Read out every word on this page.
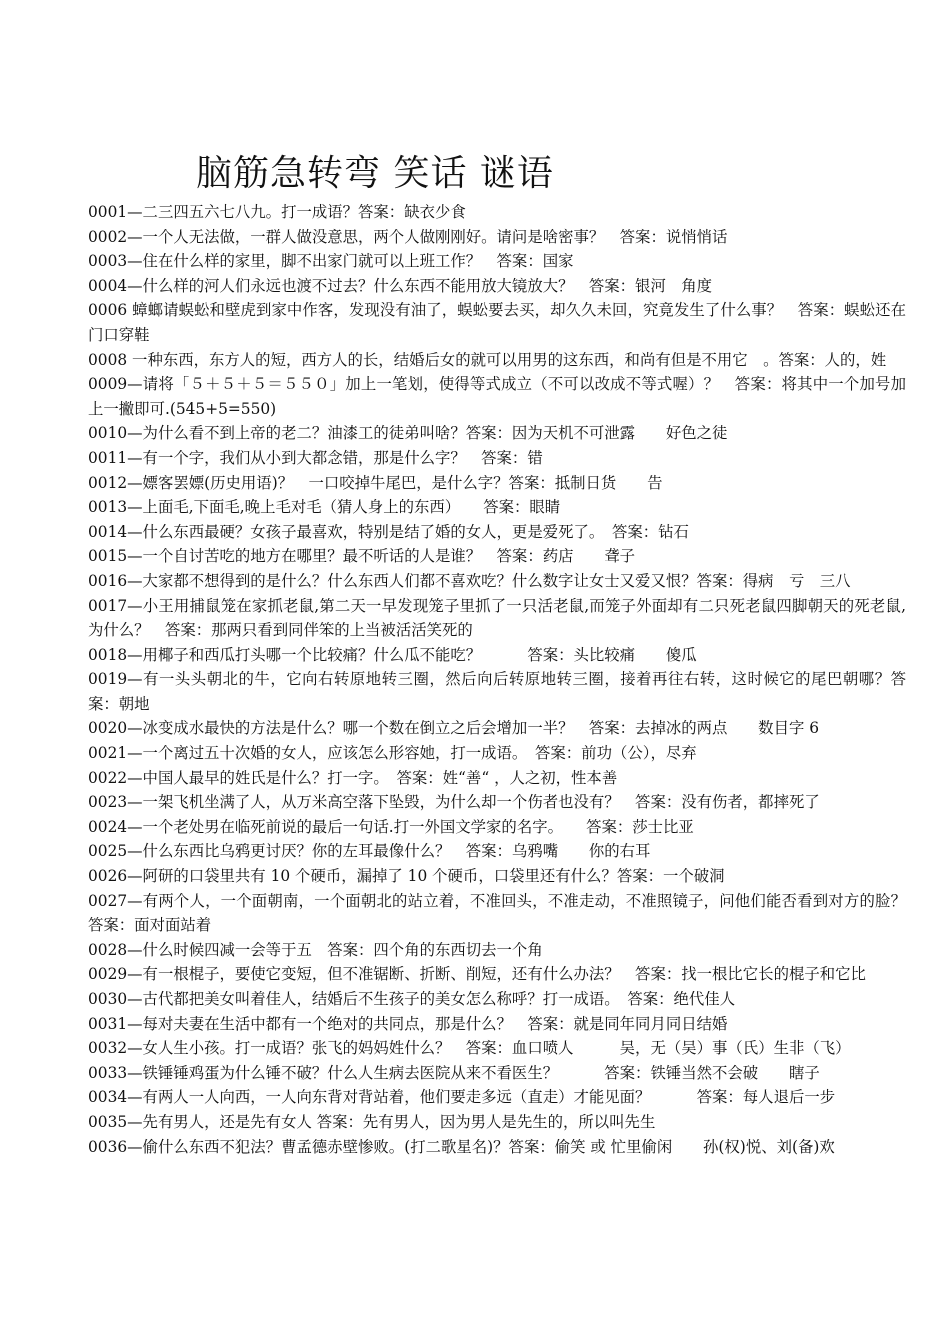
脑筋急转弯 笑话 谜语
0001—二三四五六七八九。打一成语？答案：缺衣少食
0002—一个人无法做，一群人做没意思，两个人做刚刚好。请问是啥密事？　答案：说悄悄话
0003—住在什么样的家里，脚不出家门就可以上班工作？　答案：国家
0004—什么样的河人们永远也渡不过去？什么东西不能用放大镜放大？　答案：银河　角度
0006 蟑螂请蜈蚣和壁虎到家中作客，发现没有油了，蜈蚣要去买，却久久未回，究竟发生了什么事？　答案：蜈蚣还在门口穿鞋
0008 一种东西，东方人的短，西方人的长，结婚后女的就可以用男的这东西，和尚有但是不用它　。答案：人的，姓
0009—请将「５＋５＋５＝５５０」加上一笔划，使得等式成立（不可以改成不等式喔）？　答案：将其中一个加号加上一撇即可.(545+5=550)
0010—为什么看不到上帝的老二？油漆工的徒弟叫啥？答案：因为天机不可泄露　　好色之徒
0011—有一个字，我们从小到大都念错，那是什么字？　答案：错
0012—嫖客罢嫖(历史用语)？　一口咬掉牛尾巴，是什么字？答案：抵制日货　　告
0013—上面毛,下面毛,晚上毛对毛（猜人身上的东西）　　答案：眼睛
0014—什么东西最硬？女孩子最喜欢，特别是结了婚的女人，更是爱死了。　答案：钻石
0015—一个自讨苦吃的地方在哪里？最不听话的人是谁？　答案：药店　　聋子
0016—大家都不想得到的是什么？什么东西人们都不喜欢吃？什么数字让女士又爱又恨？答案：得病　亏　三八
0017—小王用捕鼠笼在家抓老鼠,第二天一早发现笼子里抓了一只活老鼠,而笼子外面却有二只死老鼠四脚朝天的死老鼠,为什么？　答案：那两只看到同伴笨的上当被活活笑死的
0018—用椰子和西瓜打头哪一个比较痛？什么瓜不能吃？　　　答案：头比较痛　　傻瓜
0019—有一头头朝北的牛，它向右转原地转三圈，然后向后转原地转三圈，接着再往右转，这时候它的尾巴朝哪？答案：朝地
0020—冰变成水最快的方法是什么？哪一个数在倒立之后会增加一半？　答案：去掉冰的两点　　数目字 6
0021—一个离过五十次婚的女人，应该怎么形容她，打一成语。　答案：前功（公），尽弃
0022—中国人最早的姓氏是什么？打一字。　答案：姓“善“ ，人之初，性本善
0023—一架飞机坐满了人，从万米高空落下坠毁，为什么却一个伤者也没有？　答案：没有伤者，都摔死了
0024—一个老处男在临死前说的最后一句话.打一外国文学家的名字。　　答案：莎士比亚
0025—什么东西比乌鸦更讨厌？你的左耳最像什么？　答案：乌鸦嘴　　你的右耳
0026—阿研的口袋里共有 10 个硬币，漏掉了 10 个硬币，口袋里还有什么？答案：一个破洞
0027—有两个人，一个面朝南，一个面朝北的站立着，不准回头，不准走动，不准照镜子，问他们能否看到对方的脸？　答案：面对面站着
0028—什么时候四减一会等于五　答案：四个角的东西切去一个角
0029—有一根棍子，要使它变短，但不准锯断、折断、削短，还有什么办法？　答案：找一根比它长的棍子和它比
0030—古代都把美女叫着佳人，结婚后不生孩子的美女怎么称呼？打一成语。　答案：绝代佳人
0031—每对夫妻在生活中都有一个绝对的共同点，那是什么？　答案：就是同年同月同日结婚
0032—女人生小孩。打一成语？张飞的妈妈姓什么？　答案：血口喷人　　　吴，无（吴）事（氏）生非（飞）
0033—铁锤锤鸡蛋为什么锤不破？什么人生病去医院从来不看医生？　　　答案：铁锤当然不会破　　瞎子
0034—有两人一人向西，一人向东背对背站着，他们要走多远（直走）才能见面？　　　答案：每人退后一步
0035—先有男人，还是先有女人 答案：先有男人，因为男人是先生的，所以叫先生
0036—偷什么东西不犯法？曹孟德赤壁惨败。(打二歌星名)？答案：偷笑 或 忙里偷闲　　孙(权)悦、刘(备)欢
